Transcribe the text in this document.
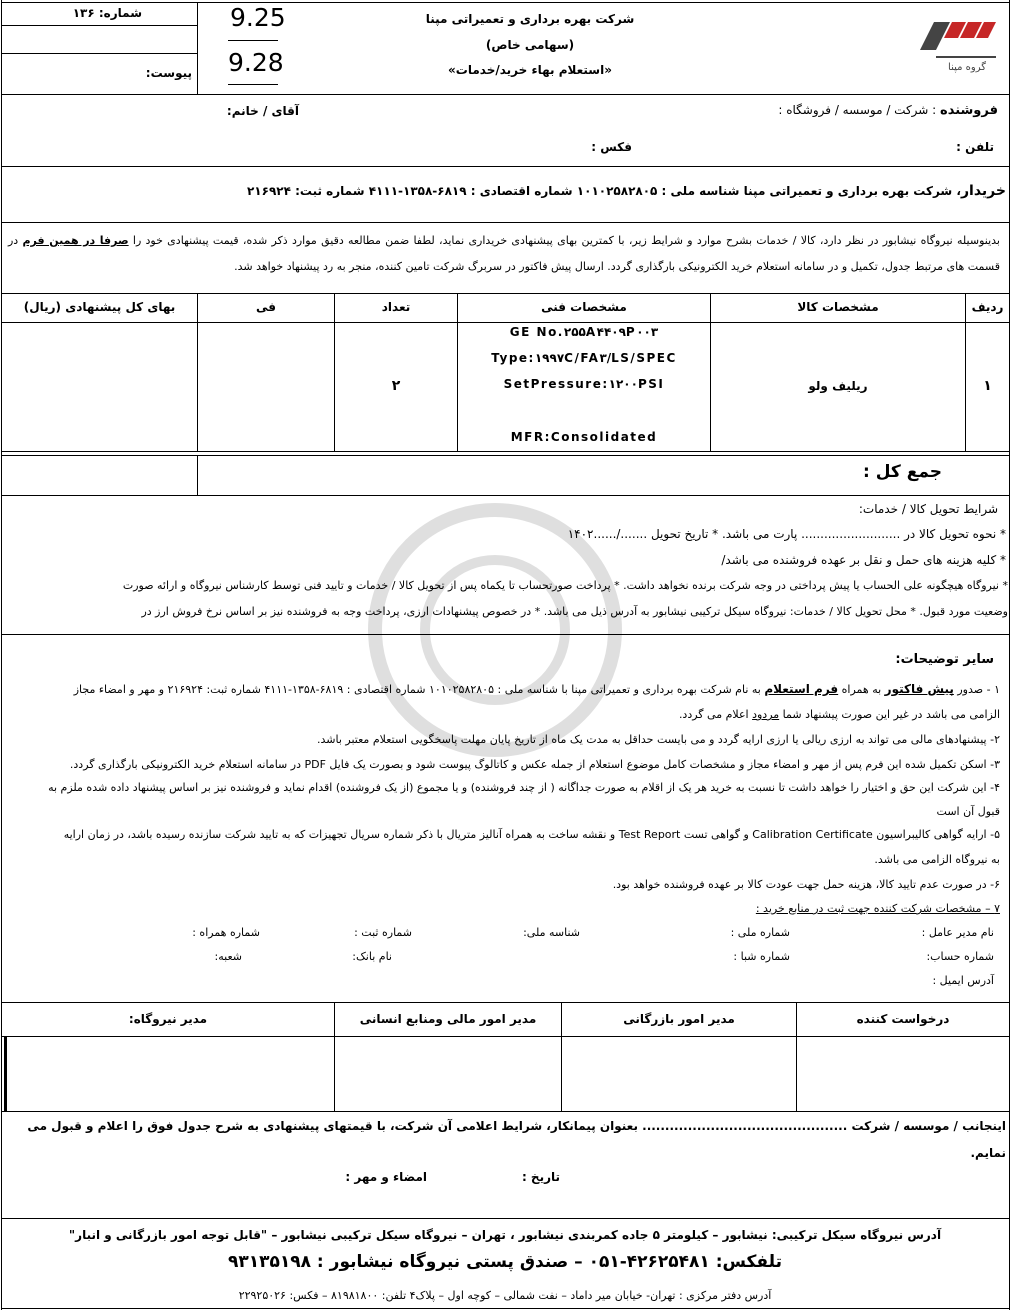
شماره: ۱۳۶
پیوست:
9.25
9.28
شرکت بهره برداری و تعمیراتی مپنا
(سهامی خاص)
«استعلام بهاء خرید/خدمات»	گروه مپنا
فروشنده : شرکت / موسسه / فروشگاه :
آقای / خانم:
تلفن :
فکس :
خریدار، شرکت بهره برداری و تعمیراتی مپنا شناسه ملی : ۱۰۱۰۲۵۸۲۸۰۵ شماره اقتصادی : ۶۸۱۹-۱۳۵۸-۴۱۱۱ شماره ثبت: ۲۱۶۹۲۴
بدینوسیله نیروگاه نیشابور در نظر دارد، کالا / خدمات بشرح موارد و شرایط زیر، با کمترین بهای پیشنهادی خریداری نماید، لطفا ضمن مطالعه دقیق موارد ذکر شده، قیمت پیشنهادی خود را صرفا در همین فرم در قسمت های مرتبط جدول، تکمیل و در سامانه استعلام خرید الکترونیکی بارگذاری گردد. ارسال پیش فاکتور در سربرگ شرکت تامین کننده، منجر به رد پیشنهاد خواهد شد.
ردیف
مشخصات کالا
مشخصات فنی
تعداد
فی
بهای کل پیشنهادی (ریال)
۱
ریلیف ولو
GE No.۲۵۵A۴۴۰۹P۰۰۳
Type:۱۹۹۷C/FA۳/LS/SPEC
SetPressure:۱۲۰۰PSI
MFR:Consolidated
۲
جمع کل :
شرایط تحویل کالا / خدمات:
* نحوه تحویل کالا در .......................... پارت می باشد. * تاریخ تحویل ......./......۱۴۰۲
* کلیه هزینه های حمل و نقل بر عهده فروشنده می باشد/
* نیروگاه هیچگونه علی الحساب یا پیش پرداختی در وجه شرکت برنده نخواهد داشت. * پرداخت صورتحساب تا یکماه پس از تحویل کالا / خدمات و تایید فنی توسط کارشناس نیروگاه و ارائه صورت
وضعیت مورد قبول. * محل تحویل کالا / خدمات: نیروگاه سیکل ترکیبی نیشابور به آدرس ذیل می باشد. * در خصوص پیشنهادات ارزی، پرداخت وجه به فروشنده نیز بر اساس نرخ فروش ارز در
سایر توضیحات:
۱ - صدور پیش فاکتور به همراه فرم استعلام به نام شرکت بهره برداری و تعمیراتی مپنا با شناسه ملی : ۱۰۱۰۲۵۸۲۸۰۵ شماره اقتصادی : ۶۸۱۹-۱۳۵۸-۴۱۱۱ شماره ثبت: ۲۱۶۹۲۴ و مهر و امضاء مجاز
الزامی می باشد در غیر این صورت پیشنهاد شما مردود اعلام می گردد.
۲- پیشنهادهای مالی می تواند به ارزی ریالی یا ارزی ارایه گردد و می بایست حداقل به مدت یک ماه از تاریخ پایان مهلت پاسخگویی استعلام معتبر باشد.
۳- اسکن تکمیل شده این فرم پس از مهر و امضاء مجاز و مشخصات کامل موضوع استعلام از جمله عکس و کاتالوگ پیوست شود و بصورت یک فایل PDF در سامانه استعلام خرید الکترونیکی بارگذاری گردد.
۴- این شرکت این حق و اختیار را خواهد داشت تا نسبت به خرید هر یک از اقلام به صورت جداگانه ( از چند فروشنده) و یا مجموع (از یک فروشنده) اقدام نماید و فروشنده نیز بر اساس پیشنهاد داده شده ملزم به
قبول آن است
۵- ارایه گواهی کالیبراسیون Calibration Certificate و گواهی تست Test Report و نقشه ساخت به همراه آنالیز متریال با ذکر شماره سریال تجهیزات که به تایید شرکت سازنده رسیده باشد، در زمان ارایه
به نیروگاه الزامی می باشد.
۶- در صورت عدم تایید کالا، هزینه حمل جهت عودت کالا بر عهده فروشنده خواهد بود.
۷ – مشخصات شرکت کننده جهت ثبت در منابع خرید :
نام مدیر عامل :
شماره ملی :
شناسه ملی:
شماره ثبت :
شماره همراه :
شماره حساب:
شماره شبا :
نام بانک:
شعبه:
آدرس ایمیل :
درخواست کننده
مدیر امور بازرگانی
مدیر امور مالی ومنابع انسانی
مدیر نیروگاه:
اینجانب / موسسه / شرکت ............................................. بعنوان پیمانکار، شرایط اعلامی آن شرکت، با قیمتهای پیشنهادی به شرح جدول فوق را اعلام و قبول می
نمایم.
تاریخ :
امضاء و مهر :
آدرس نیروگاه سیکل ترکیبی: نیشابور – کیلومتر ۵ جاده کمربندی نیشابور ، تهران – نیروگاه سیکل ترکیبی نیشابور – "قابل توجه امور بازرگانی و انبار"
تلفکس: ۴۲۶۲۵۴۸۱-۰۵۱ – صندق پستی نیروگاه نیشابور : ۹۳۱۳۵۱۹۸
آدرس دفتر مرکزی : تهران- خیابان میر داماد – نفت شمالی – کوچه اول – پلاک۴ تلفن: ۸۱۹۸۱۸۰۰ – فکس: ۲۲۹۲۵۰۲۶
